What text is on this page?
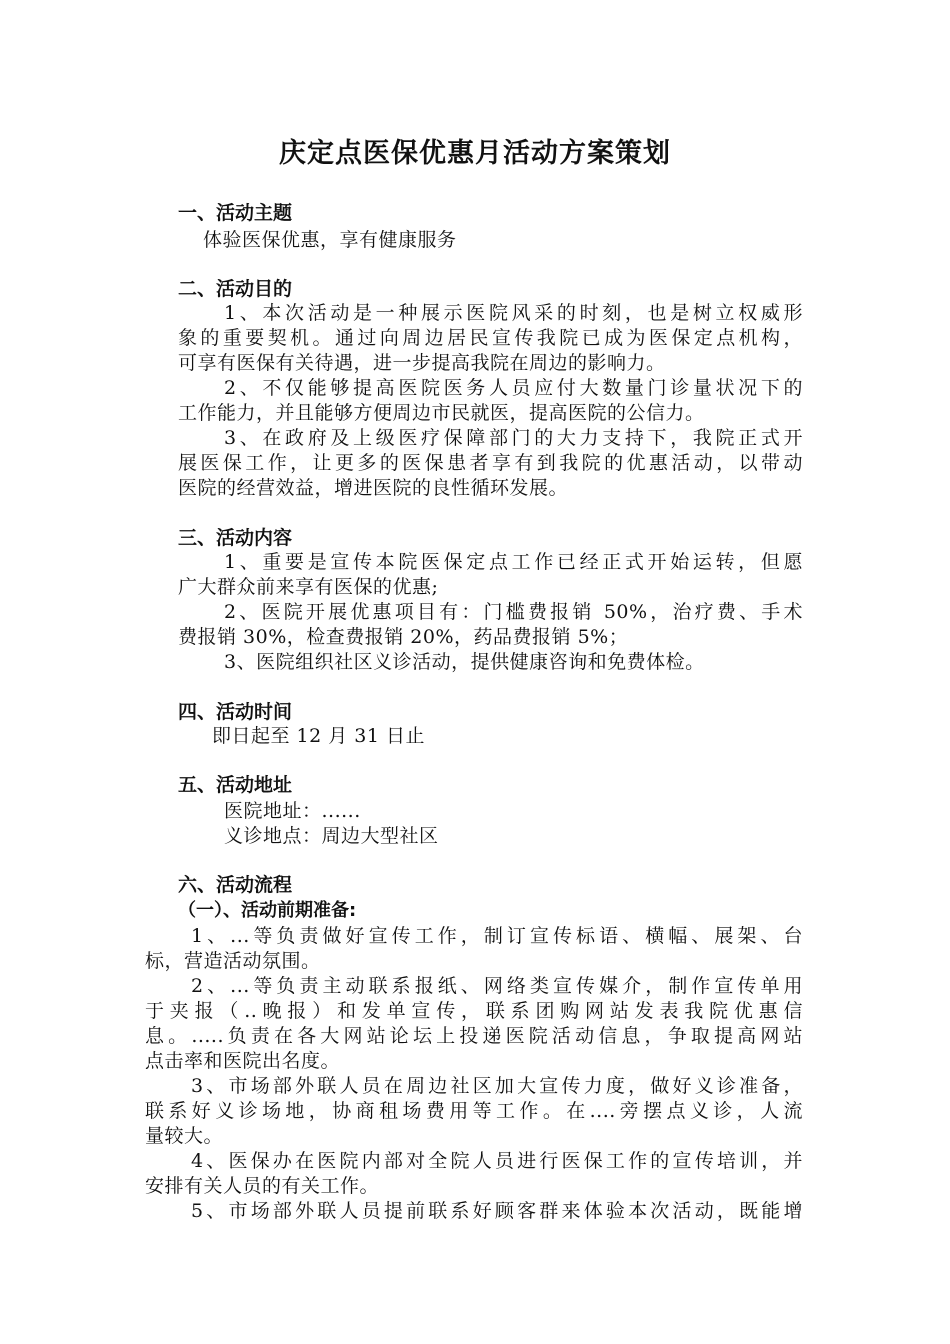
庆定点医保优惠月活动方案策划
一、活动主题
体验医保优惠，享有健康服务
二、活动目的
1、本次活动是一种展示医院风采的时刻，也是树立权威形
象的重要契机。通过向周边居民宣传我院已成为医保定点机构，
可享有医保有关待遇，进一步提高我院在周边的影响力。
2、不仅能够提高医院医务人员应付大数量门诊量状况下的
工作能力，并且能够方便周边市民就医，提高医院的公信力。
3、在政府及上级医疗保障部门的大力支持下，我院正式开
展医保工作，让更多的医保患者享有到我院的优惠活动，以带动
医院的经营效益，增进医院的良性循环发展。
三、活动内容
1、重要是宣传本院医保定点工作已经正式开始运转，但愿
广大群众前来享有医保的优惠;
2、医院开展优惠项目有：门槛费报销 50%，治疗费、手术
费报销 30%，检查费报销 20%，药品费报销 5%；
3、医院组织社区义诊活动，提供健康咨询和免费体检。
四、活动时间
即日起至 12 月 31 日止
五、活动地址
医院地址：......
义诊地点：周边大型社区
六、活动流程
（一）、活动前期准备:
1、...等负责做好宣传工作，制订宣传标语、横幅、展架、台
标，营造活动氛围。
2、...等负责主动联系报纸、网络类宣传媒介，制作宣传单用
于夹报（..晚报）和发单宣传，联系团购网站发表我院优惠信
息。.....负责在各大网站论坛上投递医院活动信息，争取提高网站
点击率和医院出名度。
3、市场部外联人员在周边社区加大宣传力度，做好义诊准备，
联系好义诊场地，协商租场费用等工作。在....旁摆点义诊，人流
量较大。
4、医保办在医院内部对全院人员进行医保工作的宣传培训，并
安排有关人员的有关工作。
5、市场部外联人员提前联系好顾客群来体验本次活动，既能增
